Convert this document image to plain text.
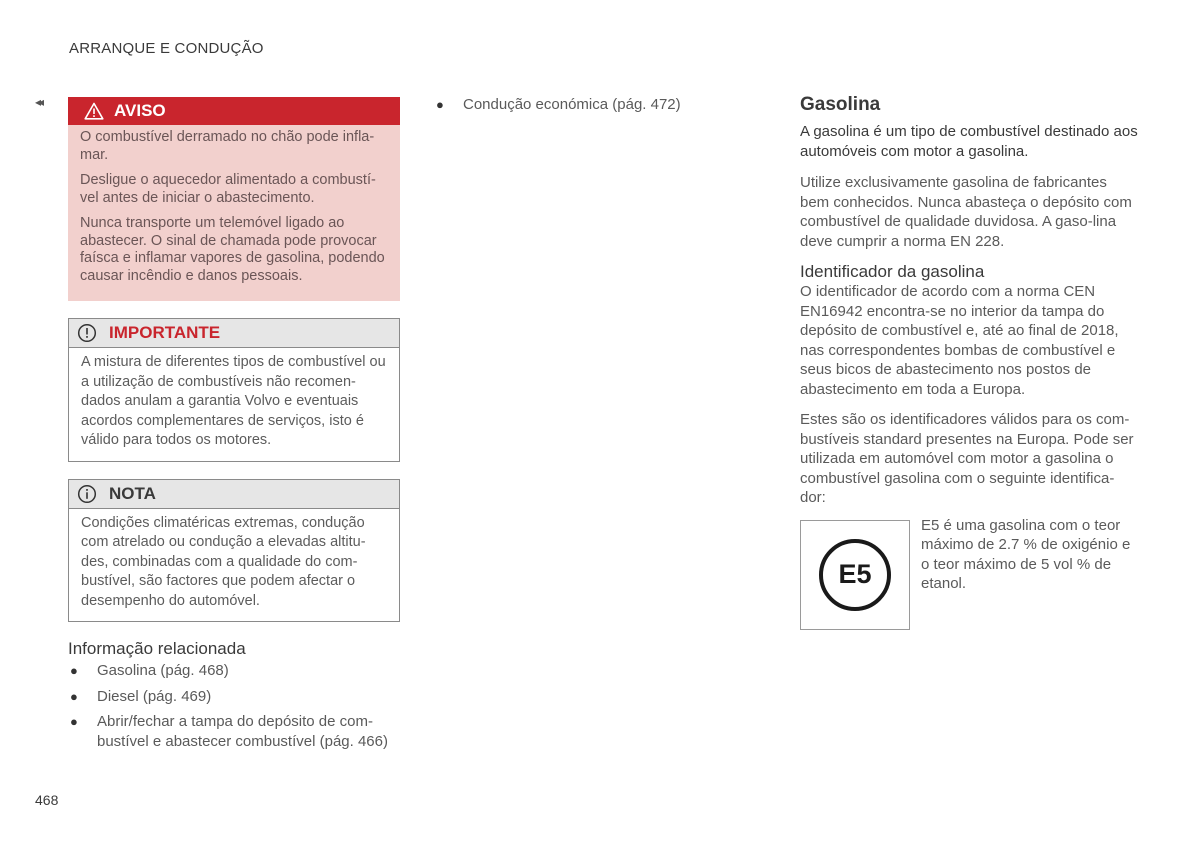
ARRANQUE E CONDUÇÃO
◂◂	AVISO

O combustível derramado no chão pode infla-mar.

Desligue o aquecedor alimentado a combustí-vel antes de iniciar o abastecimento.

Nunca transporte um telemóvel ligado ao abastecer. O sinal de chamada pode provocar faísca e inflamar vapores de gasolina, podendo causar incêndio e danos pessoais.

IMPORTANTE

A mistura de diferentes tipos de combustível ou a utilização de combustíveis não recomen-dados anulam a garantia Volvo e eventuais acordos complementares de serviços, isto é válido para todos os motores.

NOTA

Condições climatéricas extremas, condução com atrelado ou condução a elevadas altitu-des, combinadas com a qualidade do com-bustível, são factores que podem afectar o desempenho do automóvel.

Informação relacionada
● Gasolina (pág. 468)
● Diesel (pág. 469)
● Abrir/fechar a tampa do depósito de com-bustível e abastecer combustível (pág. 466)
● Condução económica (pág. 472)	Gasolina

A gasolina é um tipo de combustível destinado aos automóveis com motor a gasolina.

Utilize exclusivamente gasolina de fabricantes bem conhecidos. Nunca abasteça o depósito com combustível de qualidade duvidosa. A gaso-lina deve cumprir a norma EN 228.

Identificador da gasolina

O identificador de acordo com a norma CEN EN16942 encontra-se no interior da tampa do depósito de combustível e, até ao final de 2018, nas correspondentes bombas de combustível e seus bicos de abastecimento nos postos de abastecimento em toda a Europa.

Estes são os identificadores válidos para os com-bustíveis standard presentes na Europa. Pode ser utilizada em automóvel com motor a gasolina o combustível gasolina com o seguinte identifica-dor:

E5
E5 é uma gasolina com o teor máximo de 2.7 % de oxigénio e o teor máximo de 5 vol % de etanol.
468
